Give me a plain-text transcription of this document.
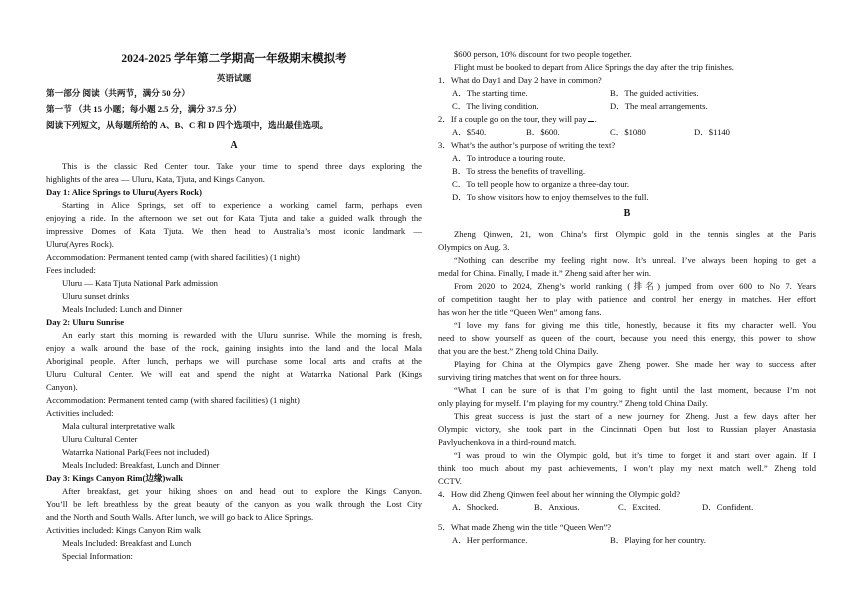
2024-2025 学年第二学期高一年级期末模拟考
英语试题
第一部分 阅读（共两节，满分 50 分）
第一节 （共 15 小题；每小题 2.5 分，满分 37.5 分）
阅读下列短文，从每题所给的 A、B、C 和 D 四个选项中，选出最佳选项。
A
This is the classic Red Center tour. Take your time to spend three days exploring the
highlights of the area — Uluru, Kata, Tjuta, and Kings Canyon.
Day 1: Alice Springs to Uluru(Ayers Rock)
Starting in Alice Springs, set off to experience a working camel farm, perhaps even
enjoying a ride. In the afternoon we set out for Kata Tjuta and take a guided walk through the
impressive Domes of Kata Tjuta. We then head to Australia’s most iconic landmark —
Uluru(Ayres Rock).
Accommodation: Permanent tented camp (with shared facilities) (1 night)
Fees included:
Uluru — Kata Tjuta National Park admission
Uluru sunset drinks
Meals Included: Lunch and Dinner
Day 2: Uluru Sunrise
An early start this morning is rewarded with the Uluru sunrise. While the morning is fresh,
enjoy a walk around the base of the rock, gaining insights into the land and the local Mala
Aboriginal people. After lunch, perhaps we will purchase some local arts and crafts at the
Uluru Cultural Center. We will eat and spend the night at Watarrka National Park (Kings
Canyon).
Accommodation: Permanent tented camp (with shared facilities) (1 night)
Activities included:
Mala cultural interpretative walk
Uluru Cultural Center
Watarrka National Park(Fees not included)
Meals Included: Breakfast, Lunch and Dinner
Day 3: Kings Canyon Rim(边缘)walk
After breakfast, get your hiking shoes on and head out to explore the Kings Canyon.
You’ll be left breathless by the great beauty of the canyon as you walk through the Lost City
and the North and South Walls. After lunch, we will go back to Alice Springs.
Activities included: Kings Canyon Rim walk
Meals Included: Breakfast and Lunch
Special Information:
$600 person, 10% discount for two people together.
Flight must be booked to depart from Alice Springs the day after the trip finishes.
1．What do Day1 and Day 2 have in common?
A．The starting time.	B．The guided activities.
C．The living condition.	D．The meal arrangements.
2．If a couple go on the tour, they will pay .
A．$540.	B．$600.	C．$1080	D．$1140
3．What’s the author’s purpose of writing the text?
A．To introduce a touring route.
B．To stress the benefits of travelling.
C．To tell people how to organize a three-day tour.
D．To show visitors how to enjoy themselves to the full.
B
Zheng Qinwen, 21, won China’s first Olympic gold in the tennis singles at the Paris
Olympics on Aug. 3.
“Nothing can describe my feeling right now. It’s unreal. I’ve always been hoping to get a
medal for China. Finally, I made it.” Zheng said after her win.
From 2020 to 2024, Zheng’s world ranking (排名) jumped from over 600 to No 7. Years
of competition taught her to play with patience and control her energy in matches. Her effort
has won her the title “Queen Wen” among fans.
“I love my fans for giving me this title, honestly, because it fits my character well. You
need to show yourself as queen of the court, because you need this energy, this power to show
that you are the best.” Zheng told China Daily.
Playing for China at the Olympics gave Zheng power. She made her way to success after
surviving tiring matches that went on for three hours.
“What I can be sure of is that I’m going to fight until the last moment, because I’m not
only playing for myself. I’m playing for my country.” Zheng told China Daily.
This great success is just the start of a new journey for Zheng. Just a few days after her
Olympic victory, she took part in the Cincinnati Open but lost to Russian player Anastasia
Pavlyuchenkova in a third-round match.
“I was proud to win the Olympic gold, but it’s time to forget it and start over again. If I
think too much about my past achievements, I won’t play my next match well.” Zheng told
CCTV.
4．How did Zheng Qinwen feel about her winning the Olympic gold?
A．Shocked.	B．Anxious.	C．Excited.	D．Confident.
5．What made Zheng win the title “Queen Wen”?
A．Her performance.	B．Playing for her country.
